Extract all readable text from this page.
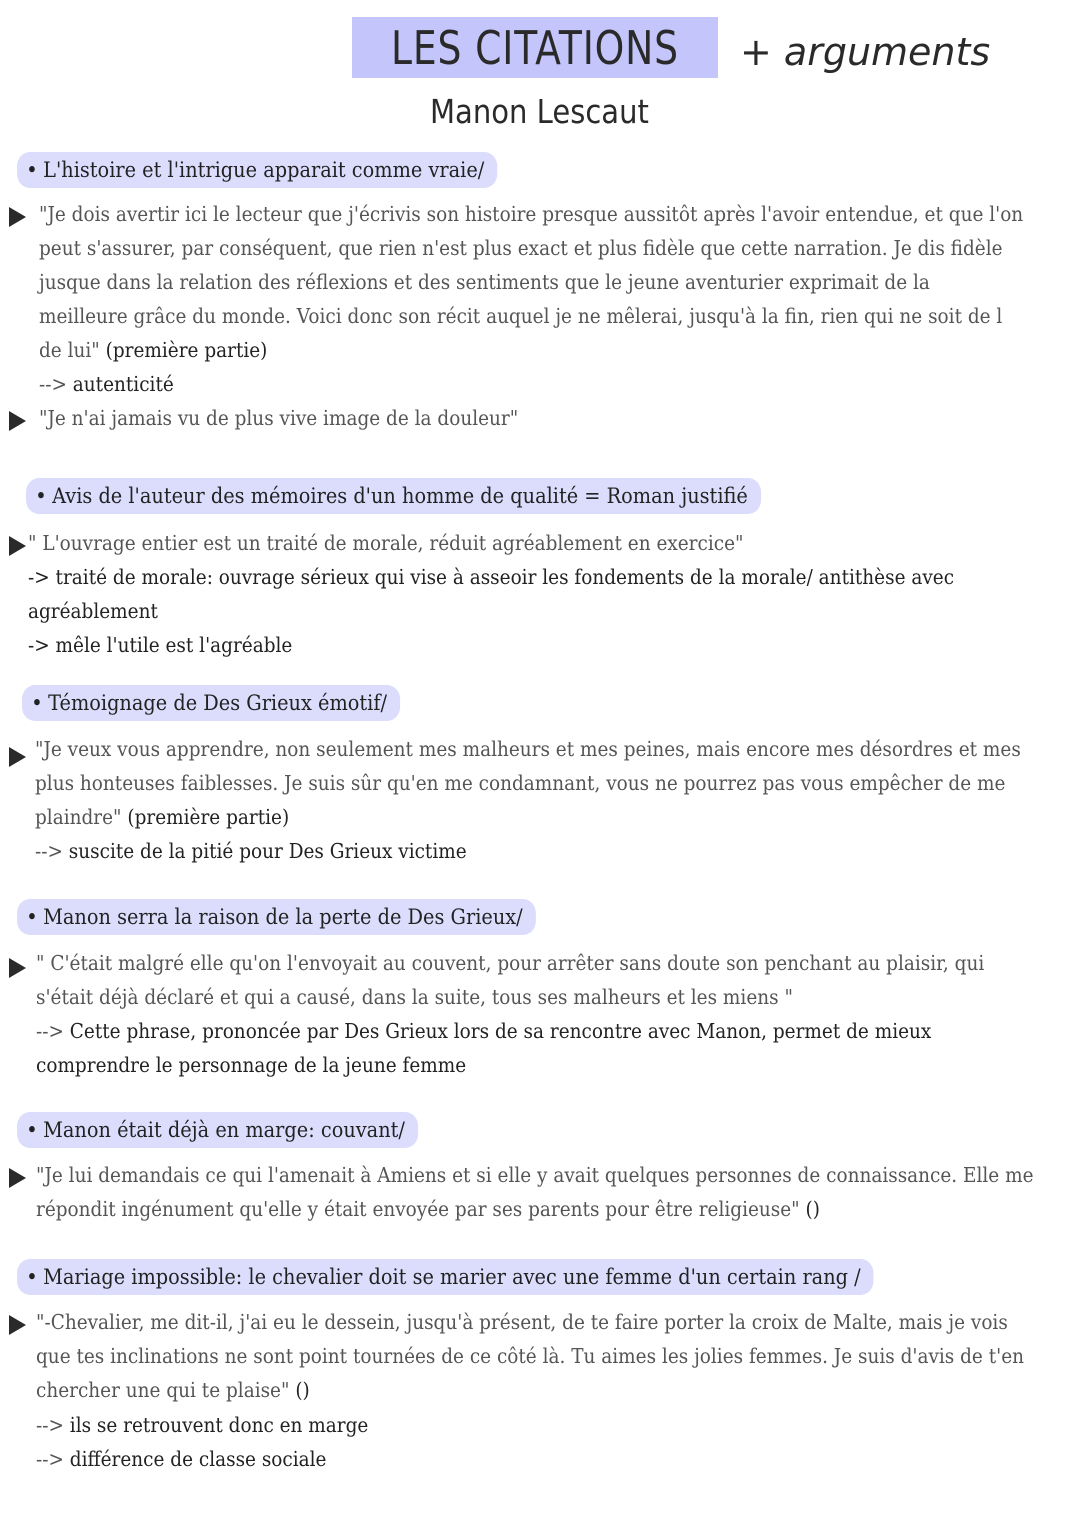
LES CITATIONS
Manon Lescaut
+ arguments
• L'histoire et l'intrigue apparait comme vraie/
"Je dois avertir ici le lecteur que j'écrivis son histoire presque aussitôt après l'avoir entendue, et que l'on
peut s'assurer, par conséquent, que rien n'est plus exact et plus fidèle que cette narration. Je dis fidèle
jusque dans la relation des réflexions et des sentiments que le jeune aventurier exprimait de la
meilleure grâce du monde. Voici donc son récit auquel je ne mêlerai, jusqu'à la fin, rien qui ne soit de l
de lui" (première partie)
--> autenticité
"Je n'ai jamais vu de plus vive image de la douleur"
• Avis de l'auteur des mémoires d'un homme de qualité = Roman justifié
" L'ouvrage entier est un traité de morale, réduit agréablement en exercice"
-> traité de morale: ouvrage sérieux qui vise à asseoir les fondements de la morale/ antithèse avec
agréablement
-> mêle l'utile est l'agréable
• Témoignage de Des Grieux émotif/
"Je veux vous apprendre, non seulement mes malheurs et mes peines, mais encore mes désordres et mes
plus honteuses faiblesses. Je suis sûr qu'en me condamnant, vous ne pourrez pas vous empêcher de me
plaindre" (première partie)
--> suscite de la pitié pour Des Grieux victime
• Manon serra la raison de la perte de Des Grieux/
" C'était malgré elle qu'on l'envoyait au couvent, pour arrêter sans doute son penchant au plaisir, qui
s'était déjà déclaré et qui a causé, dans la suite, tous ses malheurs et les miens "
--> Cette phrase, prononcée par Des Grieux lors de sa rencontre avec Manon, permet de mieux
comprendre le personnage de la jeune femme
• Manon était déjà en marge: couvant/
"Je lui demandais ce qui l'amenait à Amiens et si elle y avait quelques personnes de connaissance. Elle me
répondit ingénument qu'elle y était envoyée par ses parents pour être religieuse" ()
• Mariage impossible: le chevalier doit se marier avec une femme d'un certain rang /
"-Chevalier, me dit-il, j'ai eu le dessein, jusqu'à présent, de te faire porter la croix de Malte, mais je vois
que tes inclinations ne sont point tournées de ce côté là. Tu aimes les jolies femmes. Je suis d'avis de t'en
chercher une qui te plaise" ()
--> ils se retrouvent donc en marge
--> différence de classe sociale
